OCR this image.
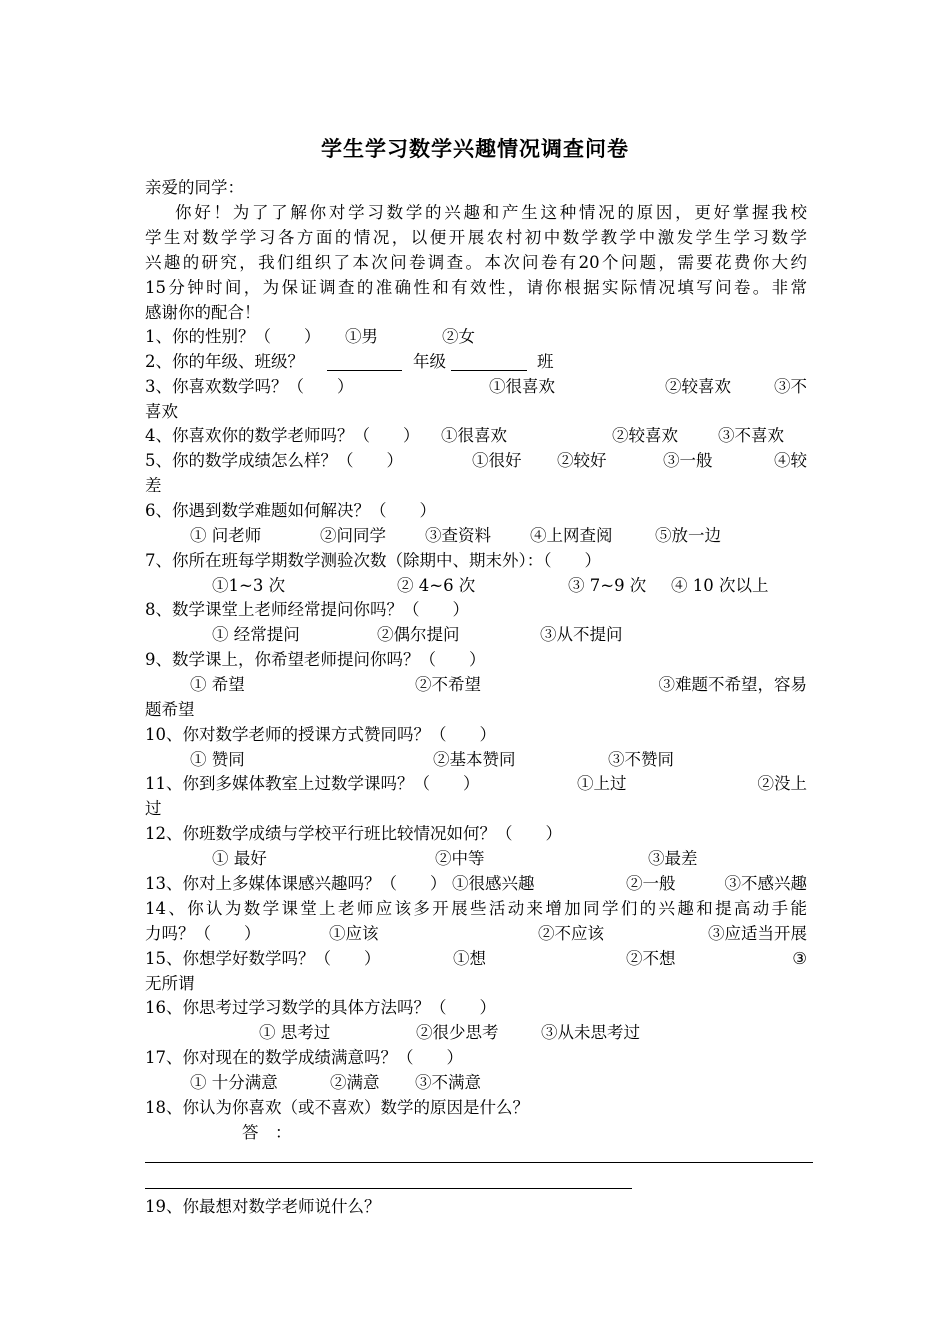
学生学习数学兴趣情况调查问卷
亲爱的同学：
你好！为了了解你对学习数学的兴趣和产生这种情况的原因，更好掌握我校
学生对数学学习各方面的情况，以便开展农村初中数学教学中激发学生学习数学
兴趣的研究，我们组织了本次问卷调查。本次问卷有20个问题，需要花费你大约
15分钟时间，为保证调查的准确性和有效性，请你根据实际情况填写问卷。非常
感谢你的配合！
1、你的性别？（　　） ①男	②女
2、你的年级、班级？	年级	班
3、你喜欢数学吗？（　　）	①很喜欢	②较喜欢	③不
喜欢
4、你喜欢你的数学老师吗？（　　） ①很喜欢	②较喜欢 ③不喜欢
5、你的数学成绩怎么样？（　　）	①很好 ②较好	③一般	④较
差
6、你遇到数学难题如何解决？（　　）
① 问老师	②问同学 ③查资料 ④上网查阅	⑤放一边
7、你所在班每学期数学测验次数（除期中、期末外）：（　　）
①1~3 次	② 4~6 次	③ 7~9 次 ④ 10 次以上
8、数学课堂上老师经常提问你吗？（　　）
① 经常提问	②偶尔提问	③从不提问
9、数学课上，你希望老师提问你吗？（　　）
① 希望	②不希望	③难题不希望，容易
题希望
10、你对数学老师的授课方式赞同吗？（　　）
① 赞同	②基本赞同	③不赞同
11、你到多媒体教室上过数学课吗？（　　）	①上过	②没上
过
12、你班数学成绩与学校平行班比较情况如何？（　　）
① 最好	②中等	③最差
13、你对上多媒体课感兴趣吗？（　　） ①很感兴趣	②一般	③不感兴趣
14、你认为数学课堂上老师应该多开展些活动来增加同学们的兴趣和提高动手能
力吗？（　　）	①应该	②不应该	③应适当开展
15、你想学好数学吗？（　　）	①想	②不想	③
无所谓
16、你思考过学习数学的具体方法吗？（　　）
① 思考过	②很少思考	③从未思考过
17、你对现在的数学成绩满意吗？（　　）
① 十分满意	②满意 ③不满意
18、你认为你喜欢（或不喜欢）数学的原因是什么？
答　：
19、你最想对数学老师说什么？
